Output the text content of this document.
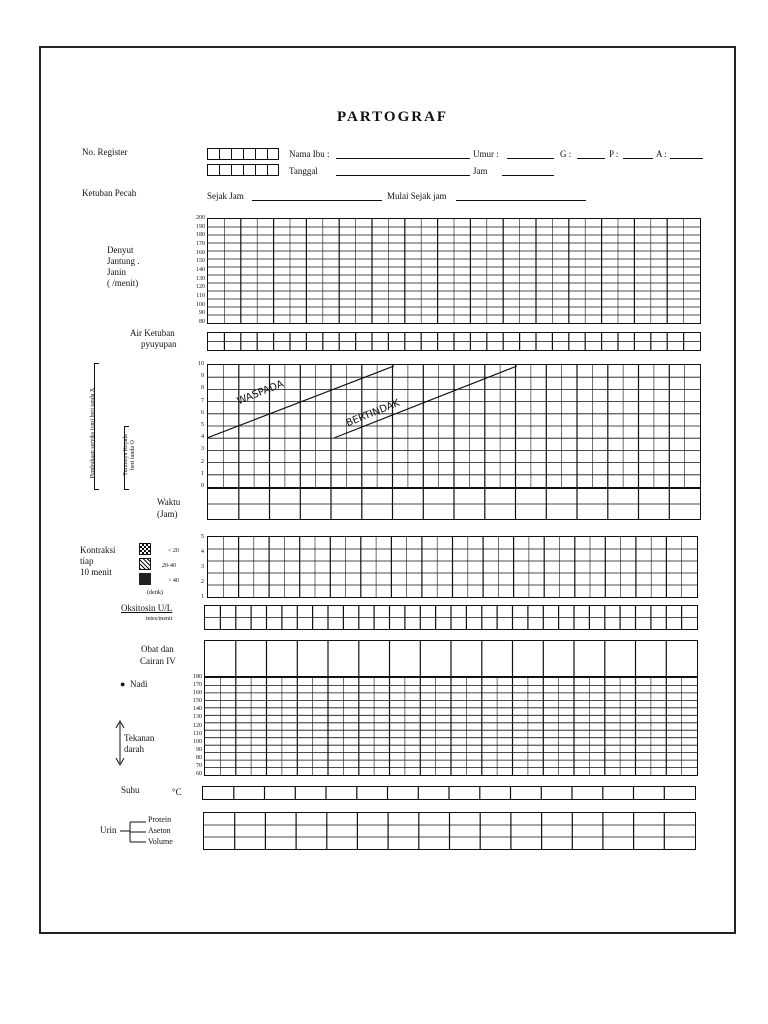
PARTOGRAF
No. Register	Nama Ibu :	Umur :	G :	P :	A :
Tanggal	Jam
Ketuban Pecah	Sejak Jam	Mulai Sejak jam
Denyut
Jantung .
Janin
( /menit)
200
190
180
170
160
150
140
130
120
110
100
90
80
Air Ketuban
pyuyupan
Pembukaan serviks (cm) beri tanda X	Turunnya Kepala beri tanda O
10
9
8
7
6
5
4
3
2
1
0
WASPADA
BERTINDAK
Waktu
(Jam)
Kontraksi
tiap
10 menit
< 20
20-40
> 40
(detik)
5
4
3
2
1
Oksitosin U/L
tetes/menit
Obat dan
Cairan IV
● Nadi
Tekanan
darah
180
170
160
150
140
130
120
110
100
90
80
70
60
Suhu	°C
Urin
Protein
Aseton
Volume
